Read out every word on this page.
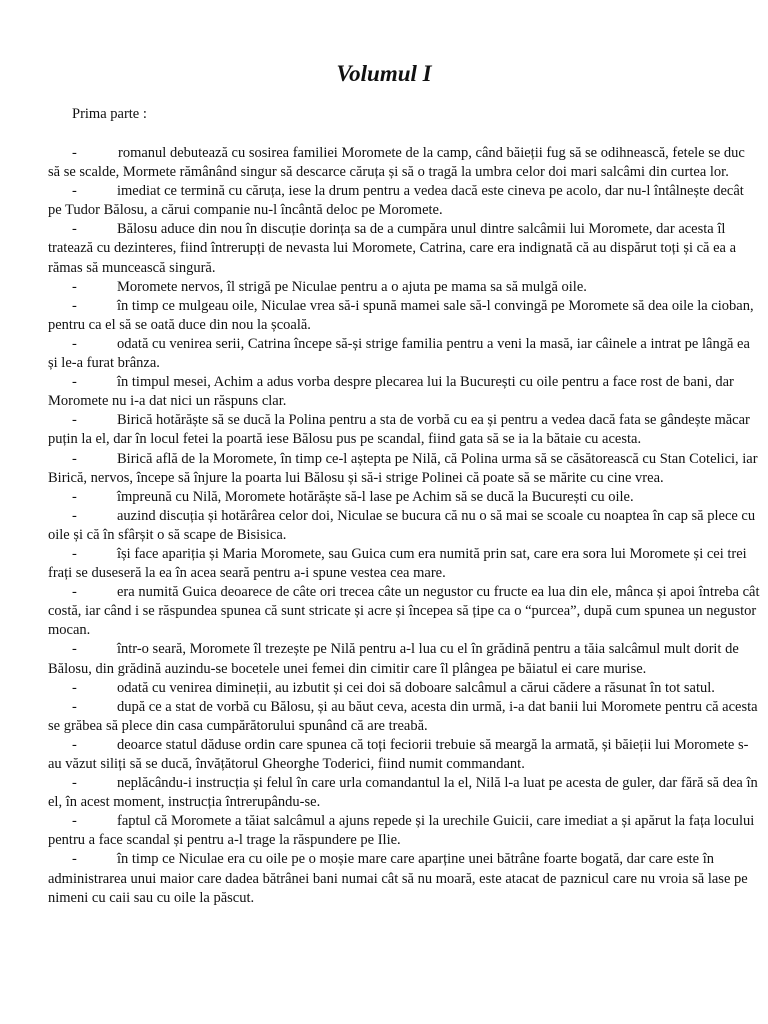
Volumul I

Prima parte :

-	romanul debutează cu sosirea familiei Moromete de la camp, când băieții fug să se odihnească, fetele se duc să se scalde, Mormete rămânând singur să descarce căruța și să o tragă la umbra celor doi mari salcâmi din curtea lor.

-	imediat ce termină cu căruța, iese la drum pentru a vedea dacă este cineva pe acolo, dar nu-l întâlnește decât pe Tudor Bălosu, a cărui companie nu-l încântă deloc pe Moromete.

-	Bălosu aduce din nou în discuție dorința sa de a cumpăra unul dintre salcâmii lui Moromete, dar acesta îl tratează cu dezinteres, fiind întrerupți de nevasta lui Moromete, Catrina, care era indignată că au dispărut toți și că ea a rămas să muncească singură.

-	Moromete nervos, îl strigă pe Niculae pentru a o ajuta pe mama sa să mulgă oile.

-	în timp ce mulgeau oile, Niculae vrea să-i spună mamei sale să-l convingă pe Moromete să dea oile la cioban, pentru ca el să se oată duce din nou la școală.

-	odată cu venirea serii, Catrina începe să-și strige familia pentru a veni la masă, iar câinele a intrat pe lângă ea și le-a furat brânza.

-	în timpul mesei, Achim a adus vorba despre plecarea lui la București cu oile pentru a face rost de bani, dar Moromete nu i-a dat nici un răspuns clar.

-	Birică hotărăște să se ducă la Polina pentru a sta de vorbă cu ea și pentru a vedea dacă fata se gândește măcar puțin la el, dar în locul fetei la poartă iese Bălosu pus pe scandal, fiind gata să se ia la bătaie cu acesta.

-	Birică află de la Moromete, în timp ce-l aștepta pe Nilă, că Polina urma să se căsătorească cu Stan Cotelici, iar Birică, nervos, începe să înjure la poarta lui Bălosu și să-i strige Polinei că poate să se mărite cu cine vrea.

-	împreună cu Nilă, Moromete hotărăște să-l lase pe Achim să se ducă la București cu oile.

-	auzind discuția și hotărârea celor doi, Niculae se bucura că nu o să mai se scoale cu noaptea în cap să plece cu oile și că în sfârșit o să scape de Bisisica.

-	își face apariția și Maria Moromete, sau Guica cum era numită prin sat, care era sora lui Moromete și cei trei frați se duseseră la ea în acea seară pentru a-i spune vestea cea mare.

-	era numită Guica deoarece de câte ori trecea câte un negustor cu fructe ea lua din ele, mânca și apoi întreba cât costă, iar când i se răspundea spunea că sunt stricate și acre și începea să țipe ca o “purcea”, după cum spunea un negustor mocan.

-	într-o seară, Moromete îl trezește pe Nilă pentru a-l lua cu el în grădină pentru a tăia salcâmul mult dorit de Bălosu, din grădină auzindu-se bocetele unei femei din cimitir care îl plângea pe băiatul ei care murise.

-	odată cu venirea dimineții, au izbutit și cei doi să doboare salcâmul a cărui cădere a răsunat în tot satul.

-	după ce a stat de vorbă cu Bălosu, și au băut ceva, acesta din urmă, i-a dat banii lui Moromete pentru că acesta se grăbea să plece din casa cumpărătorului spunând că are treabă.

-	deoarce statul dăduse ordin care spunea că toți feciorii trebuie să meargă la armată, și băieții lui Moromete s-au văzut siliți să se ducă, învățătorul Gheorghe Toderici, fiind numit commandant.

-	neplăcându-i instrucția și felul în care urla comandantul la el, Nilă l-a luat pe acesta de guler, dar fără să dea în el, în acest moment, instrucția întrerupându-se.

-	faptul că Moromete a tăiat salcâmul a ajuns repede și la urechile Guicii, care imediat a și apărut la fața locului pentru a face scandal și pentru a-l trage la răspundere pe Ilie.

-	în timp ce Niculae era cu oile pe o moșie mare care aparține unei bătrâne foarte bogată, dar care este în administrarea unui maior care dadea bătrânei bani numai cât să nu moară, este atacat de paznicul care nu vroia să lase pe nimeni cu caii sau cu oile la păscut.
